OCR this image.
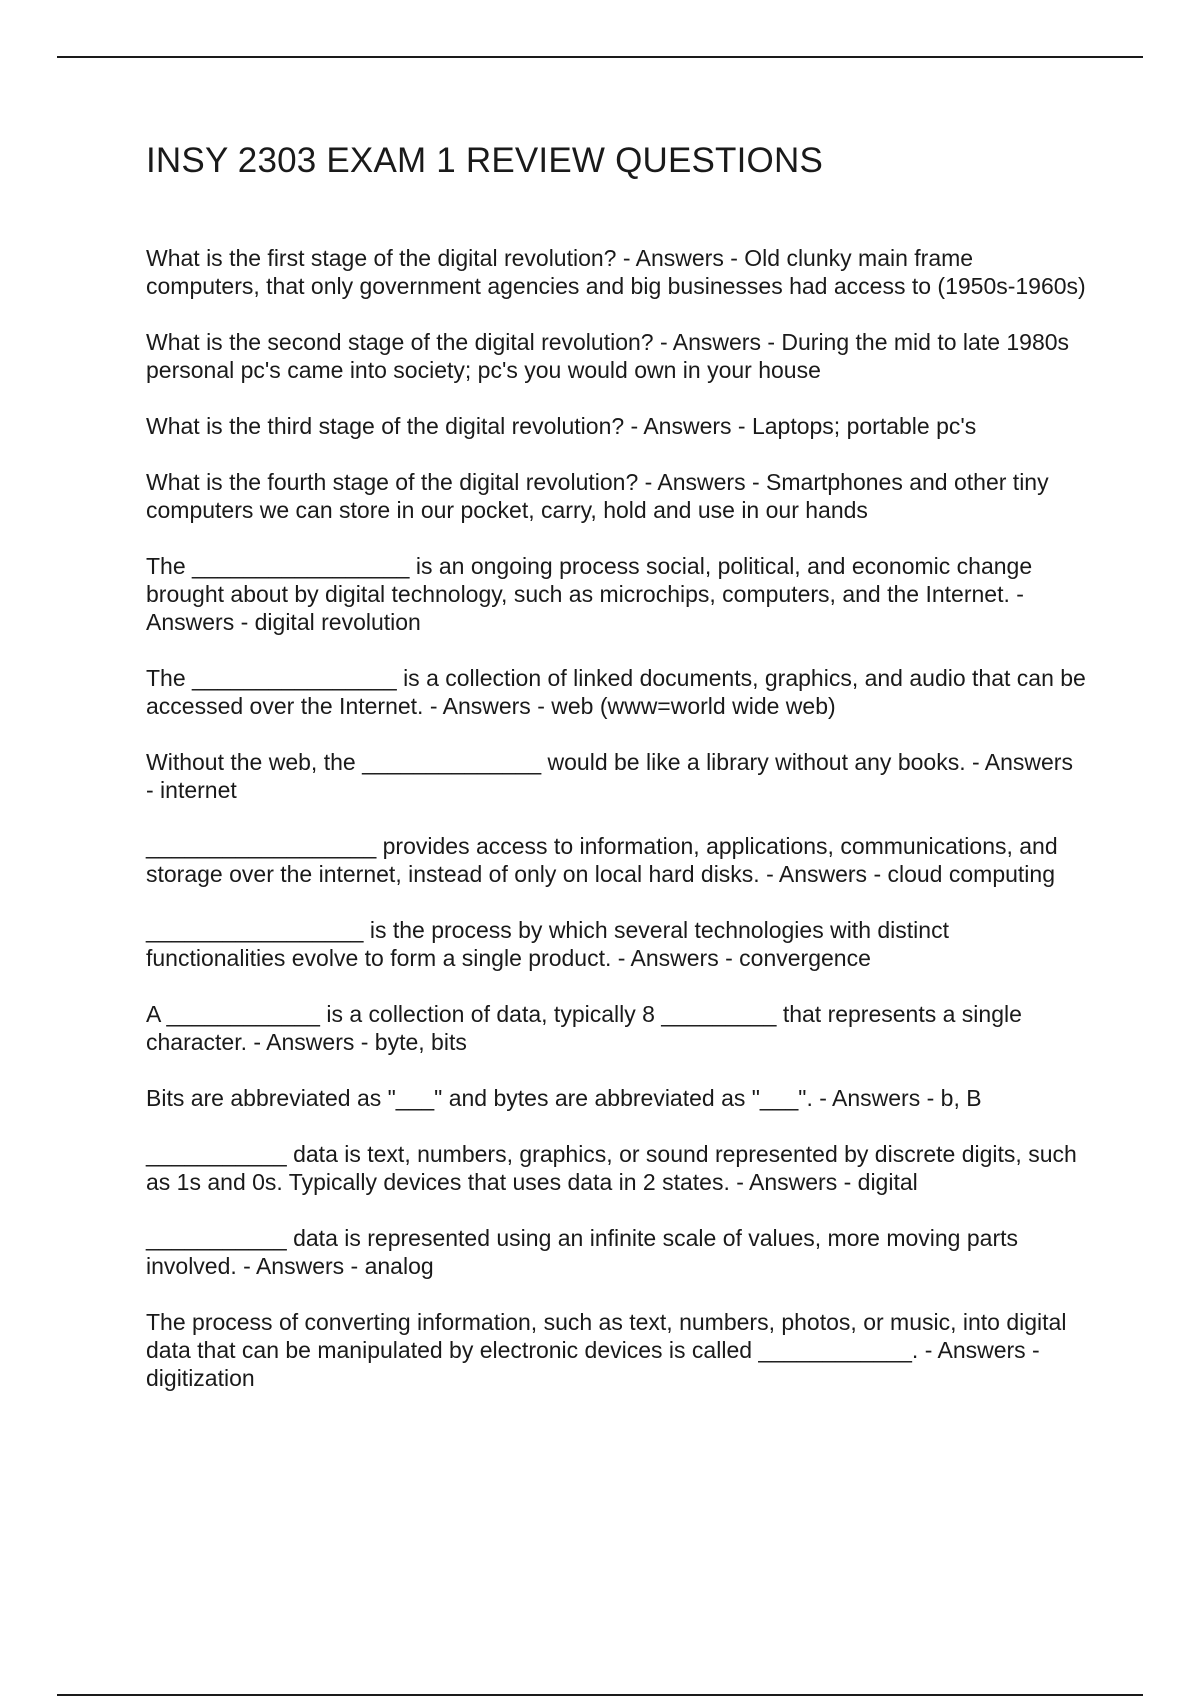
INSY 2303 EXAM 1 REVIEW QUESTIONS

What is the first stage of the digital revolution? - Answers - Old clunky main frame computers, that only government agencies and big businesses had access to (1950s-1960s)

What is the second stage of the digital revolution? - Answers - During the mid to late 1980s personal pc's came into society; pc's you would own in your house

What is the third stage of the digital revolution? - Answers - Laptops; portable pc's

What is the fourth stage of the digital revolution? - Answers - Smartphones and other tiny computers we can store in our pocket, carry, hold and use in our hands

The _________________ is an ongoing process social, political, and economic change brought about by digital technology, such as microchips, computers, and the Internet. - Answers - digital revolution

The ________________ is a collection of linked documents, graphics, and audio that can be accessed over the Internet. - Answers - web (www=world wide web)

Without the web, the ______________ would be like a library without any books. - Answers - internet

__________________ provides access to information, applications, communications, and storage over the internet, instead of only on local hard disks. - Answers - cloud computing

_________________ is the process by which several technologies with distinct functionalities evolve to form a single product. - Answers - convergence

A ____________ is a collection of data, typically 8 _________ that represents a single character. - Answers - byte, bits

Bits are abbreviated as "___" and bytes are abbreviated as "___". - Answers - b, B

___________ data is text, numbers, graphics, or sound represented by discrete digits, such as 1s and 0s. Typically devices that uses data in 2 states. - Answers - digital

___________ data is represented using an infinite scale of values, more moving parts involved. - Answers - analog

The process of converting information, such as text, numbers, photos, or music, into digital data that can be manipulated by electronic devices is called ____________. - Answers - digitization
